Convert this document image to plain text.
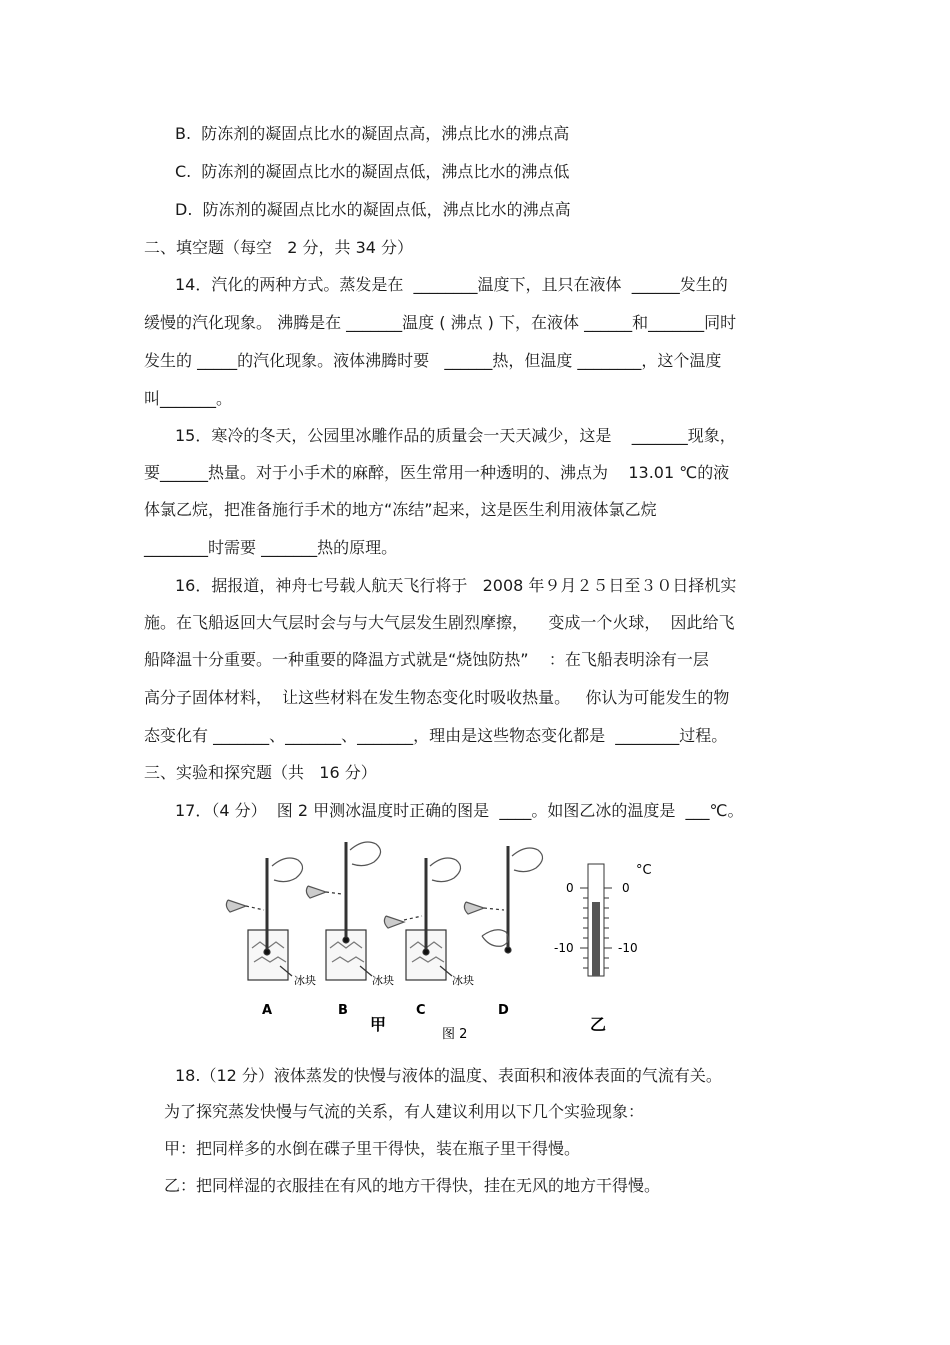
B.  防冻剂的凝固点比水的凝固点高，沸点比水的沸点高
C.  防冻剂的凝固点比水的凝固点低，沸点比水的沸点低
D.  防冻剂的凝固点比水的凝固点低，沸点比水的沸点高
二、填空题（每空   2 分，共 34 分）
14．汽化的两种方式。蒸发是在  ________温度下，且只在液体  ______发生的
缓慢的汽化现象。 沸腾是在 _______温度 ( 沸点 ) 下，在液体 ______和_______同时
发生的 _____的汽化现象。液体沸腾时要   ______热，但温度 ________，这个温度
叫_______。
15．寒冷的冬天，公园里冰雕作品的质量会一天天减少，这是    _______现象，
要______热量。对于小手术的麻醉，医生常用一种透明的、沸点为    13.01 ℃的液
体氯乙烷，把准备施行手术的地方“冻结”起来，这是医生利用液体氯乙烷
________时需要 _______热的原理。
16．据报道，神舟七号载人航天飞行将于   2008 年９月２５日至３０日择机实
施。在飞船返回大气层时会与与大气层发生剧烈摩擦，    变成一个火球，  因此给飞
船降温十分重要。一种重要的降温方式就是“烧蚀防热”    ：在飞船表明涂有一层
高分子固体材料，  让这些材料在发生物态变化时吸收热量。   你认为可能发生的物
态变化有 _______、_______、_______，理由是这些物态变化都是  ________过程。
三、实验和探究题（共   16 分）
17．（4 分）  图 2 甲测冰温度时正确的图是  ____。如图乙冰的温度是  ___℃。
A	B	C	D
冰块	冰块	冰块
甲
图 2
乙
°C
0	0
-10	-10
18.（12 分）液体蒸发的快慢与液体的温度、表面积和液体表面的气流有关。
为了探究蒸发快慢与气流的关系，有人建议利用以下几个实验现象：
甲：把同样多的水倒在碟子里干得快，装在瓶子里干得慢。
乙：把同样湿的衣服挂在有风的地方干得快，挂在无风的地方干得慢。
